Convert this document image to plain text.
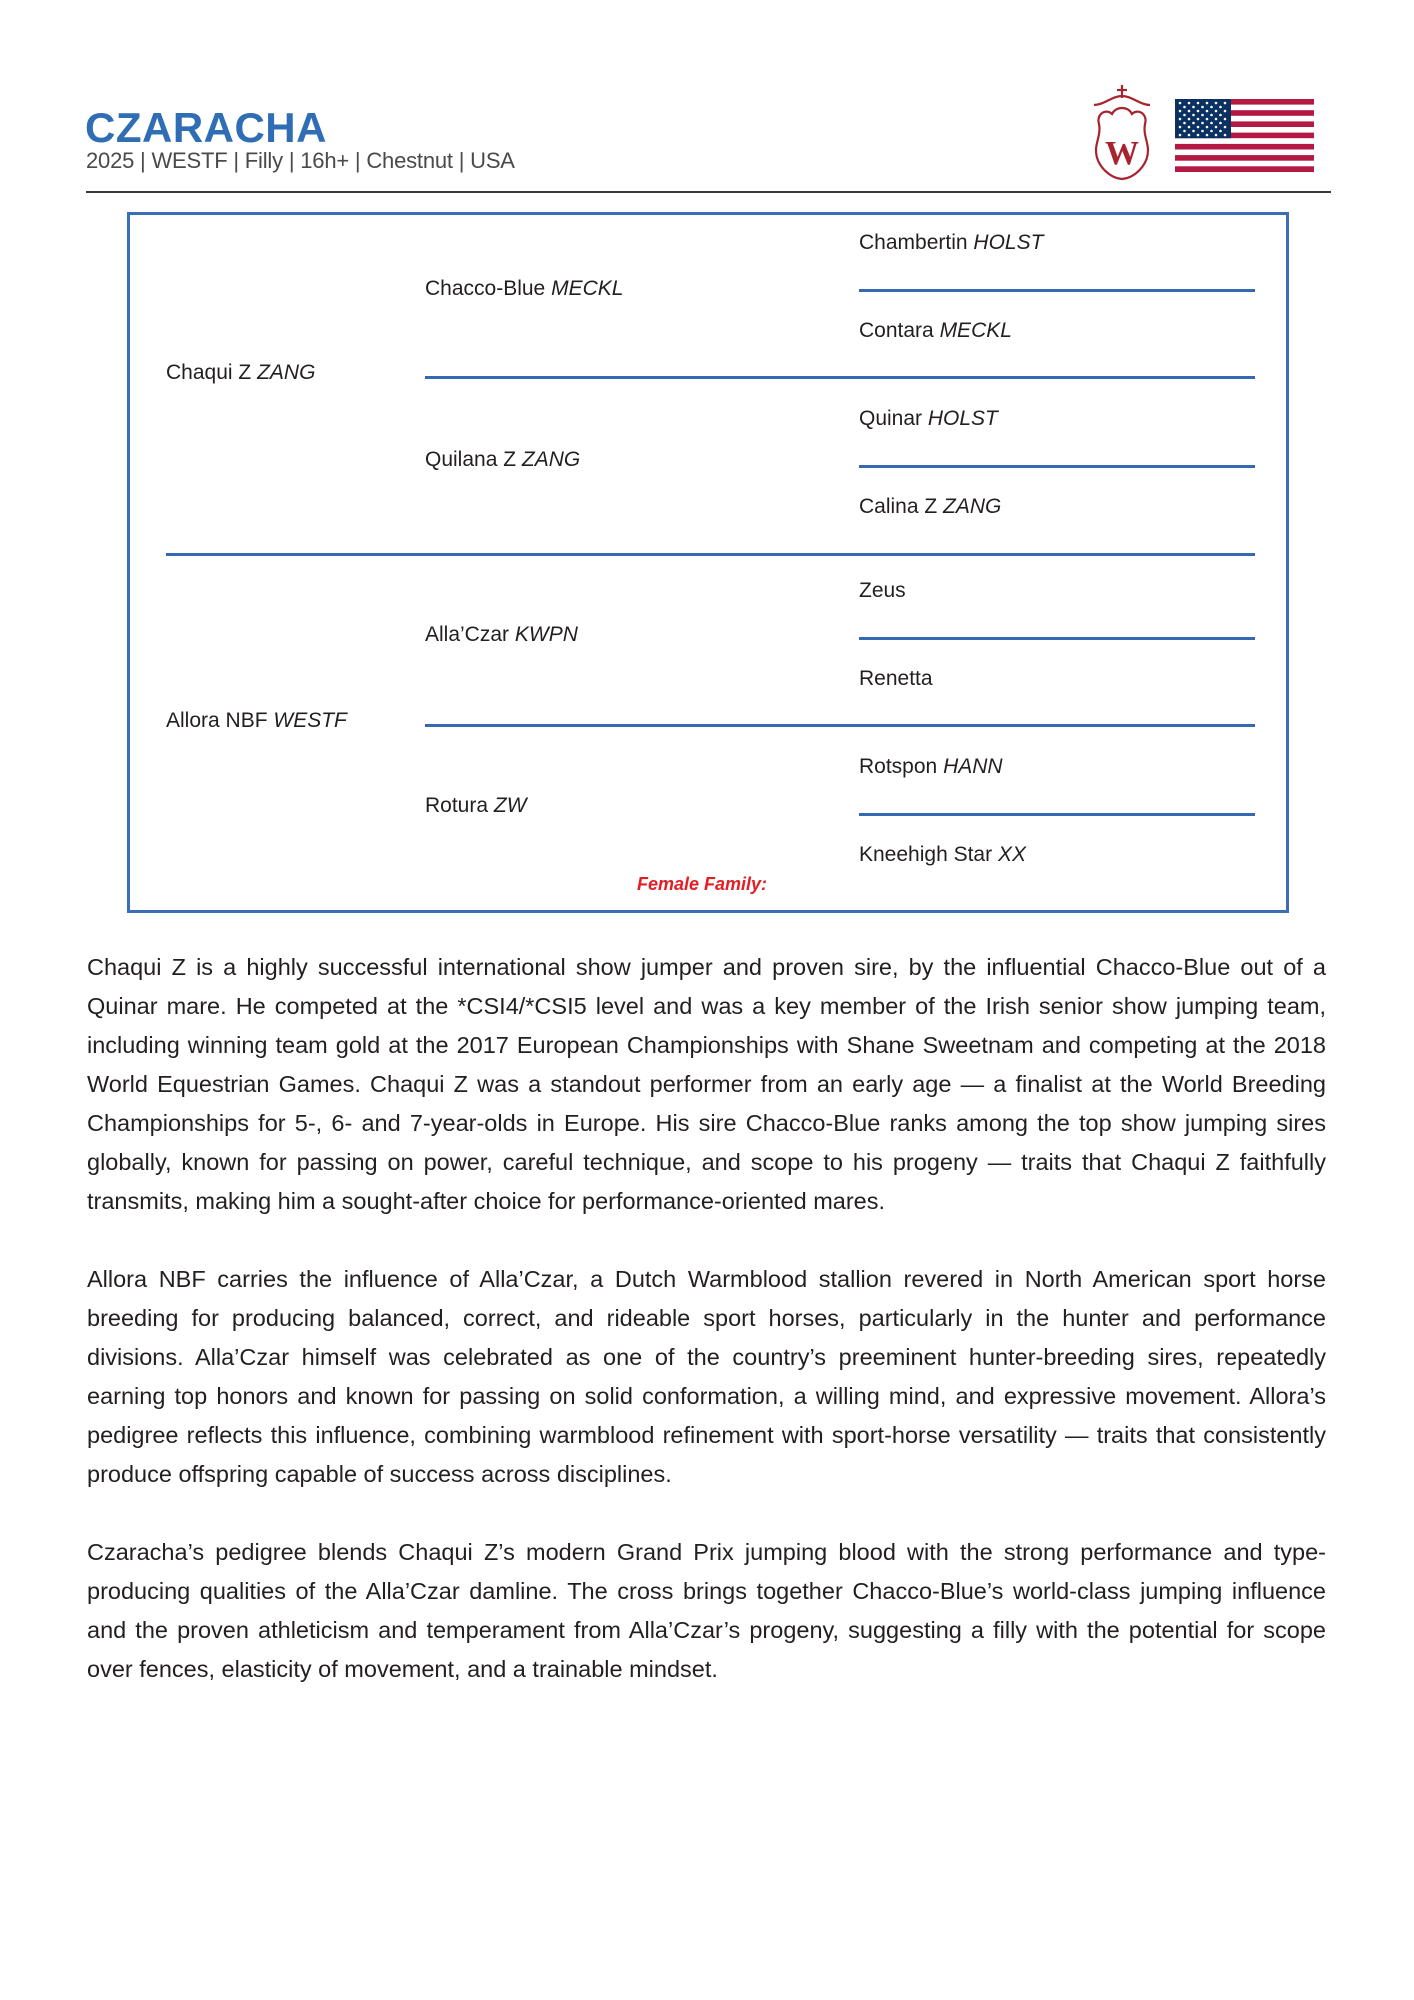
CZARACHA
2025 | WESTF | Filly | 16h+ | Chestnut | USA	W
Chaqui Z ZANG
Allora NBF WESTF
Chacco-Blue MECKL
Quilana Z ZANG
Alla’Czar KWPN
Rotura ZW
Chambertin HOLST
Contara MECKL
Quinar HOLST
Calina Z ZANG
Zeus
Renetta
Rotspon HANN
Kneehigh Star XX
Female Family:

Chaqui Z is a highly successful international show jumper and proven sire, by the influential Chacco-Blue out of a Quinar mare. He competed at the *CSI4/*CSI5 level and was a key member of the Irish senior show jumping team, including winning team gold at the 2017 European Championships with Shane Sweetnam and competing at the 2018 World Equestrian Games. Chaqui Z was a standout performer from an early age — a finalist at the World Breeding Championships for 5-, 6- and 7-year-olds in Europe. His sire Chacco-Blue ranks among the top show jumping sires globally, known for passing on power, careful technique, and scope to his progeny — traits that Chaqui Z faithfully transmits, making him a sought-after choice for performance-oriented mares.

Allora NBF carries the influence of Alla’Czar, a Dutch Warmblood stallion revered in North American sport horse breeding for producing balanced, correct, and rideable sport horses, particularly in the hunter and performance divisions. Alla’Czar himself was celebrated as one of the country’s preeminent hunter-breeding sires, repeatedly earning top honors and known for passing on solid conformation, a willing mind, and expressive movement. Allora’s pedigree reflects this influence, combining warmblood refinement with sport-horse versatility — traits that consistently produce offspring capable of success across disciplines.

Czaracha’s pedigree blends Chaqui Z’s modern Grand Prix jumping blood with the strong performance and type-producing qualities of the Alla’Czar damline. The cross brings together Chacco-Blue’s world-class jumping influence and the proven athleticism and temperament from Alla’Czar’s progeny, suggesting a filly with the potential for scope over fences, elasticity of movement, and a trainable mindset.
